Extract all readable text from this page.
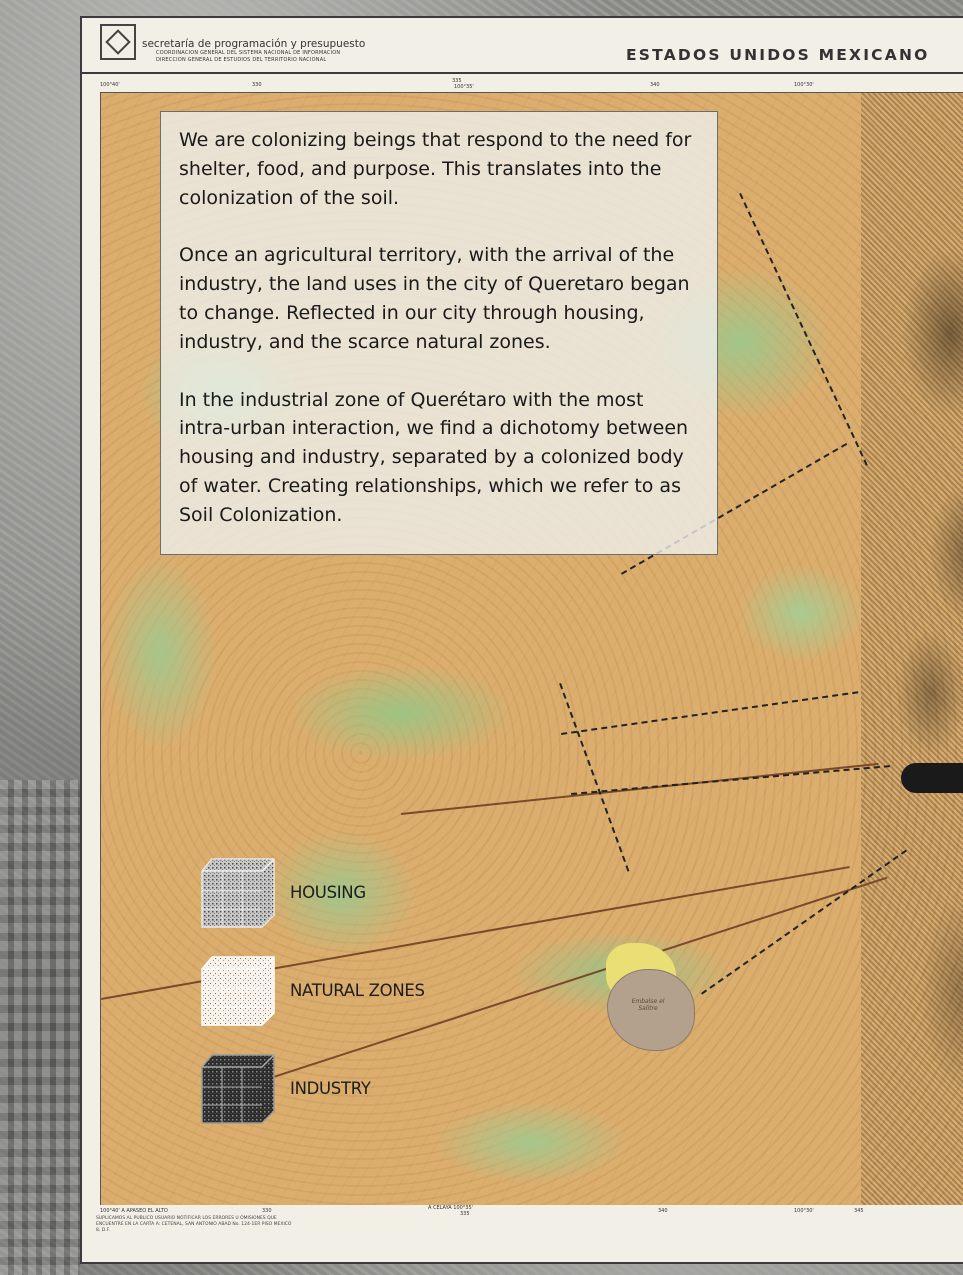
secretaría de programación y presupuesto
COORDINACION GENERAL DEL SISTEMA NACIONAL DE INFORMACION
DIRECCION GENERAL DE ESTUDIOS DEL TERRITORIO NACIONAL	ESTADOS UNIDOS MEXICANO
100°40'	330
335
100°35'	340	100°30'
Embalse el Salitre
100°40' A APASEO EL ALTO	330	A CELAYA 100°35'
335	340	100°30'	345
SUPLICAMOS AL PUBLICO USUARIO NOTIFICAR LOS ERRORES U OMISIONES QUE ENCUENTRE EN LA CARTA A: CETENAL, SAN ANTONIO ABAD No. 124-1ER PISO MEXICO 8, D.F.

We are colonizing beings that respond to the need for shelter, food, and purpose. This translates into the colonization of the soil.

Once an agricultural territory, with the arrival of the industry, the land uses in the city of Queretaro began to change. Reflected in our city through housing, industry, and the scarce natural zones.

In the industrial zone of Querétaro with the most intra-urban interaction, we find a dichotomy between housing and industry, separated by a colonized body of water. Creating relationships, which we refer to as Soil Colonization.

HOUSING
NATURAL ZONES
INDUSTRY
